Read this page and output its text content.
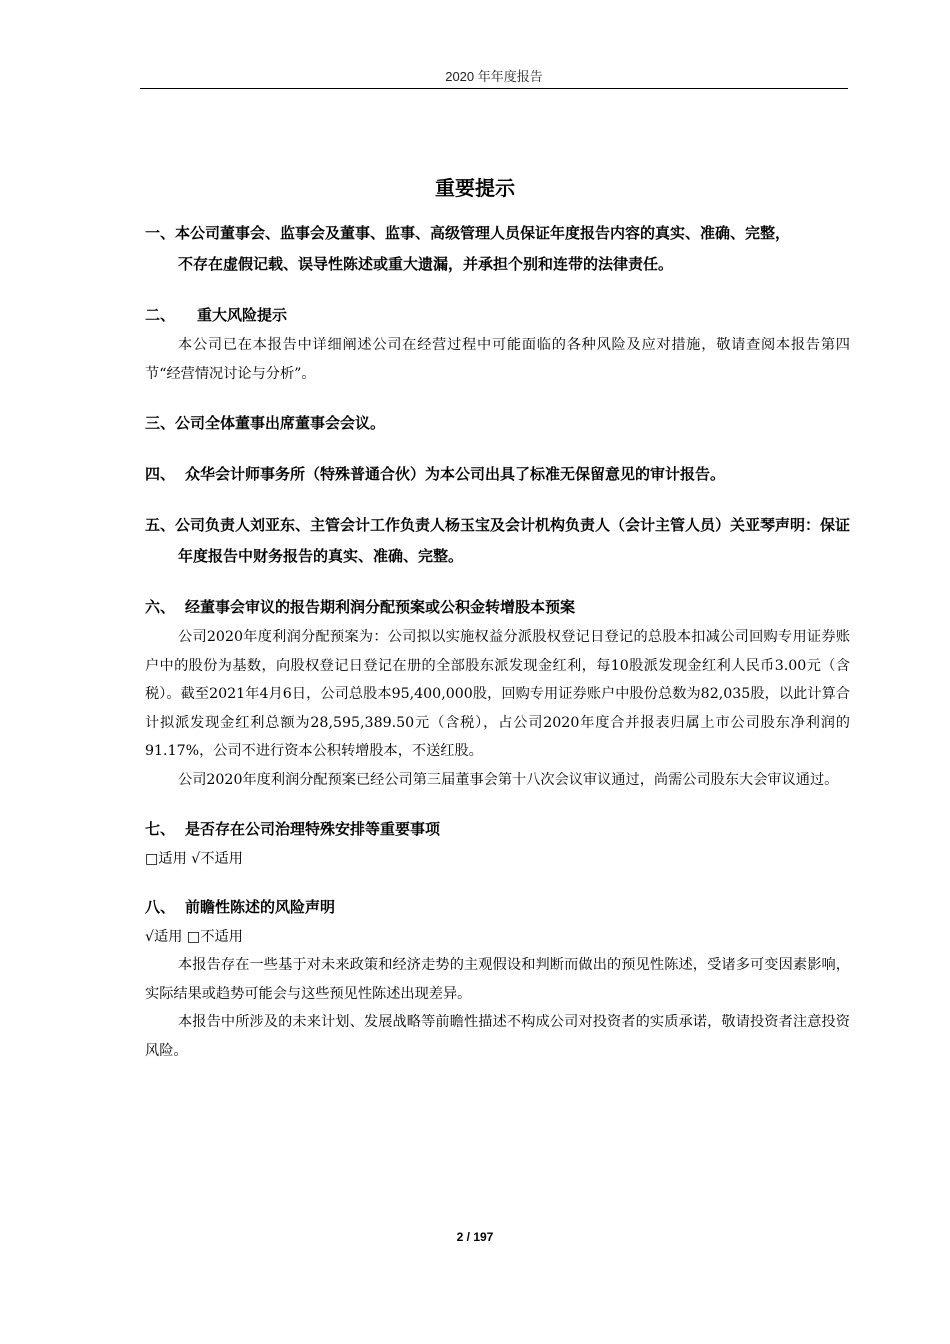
2020 年年度报告
重要提示
一、本公司董事会、监事会及董事、监事、高级管理人员保证年度报告内容的真实、准确、完整，
不存在虚假记载、误导性陈述或重大遗漏，并承担个别和连带的法律责任。
二、 重大风险提示
本公司已在本报告中详细阐述公司在经营过程中可能面临的各种风险及应对措施，敬请查阅本报告第四节“经营情况讨论与分析”。
三、公司全体董事出席董事会会议。
四、 众华会计师事务所（特殊普通合伙）为本公司出具了标准无保留意见的审计报告。
五、公司负责人刘亚东、主管会计工作负责人杨玉宝及会计机构负责人（会计主管人员）关亚琴声明：保证年度报告中财务报告的真实、准确、完整。
六、 经董事会审议的报告期利润分配预案或公积金转增股本预案
公司2020年度利润分配预案为：公司拟以实施权益分派股权登记日登记的总股本扣减公司回购专用证券账户中的股份为基数，向股权登记日登记在册的全部股东派发现金红利，每10股派发现金红利人民币3.00元（含税）。截至2021年4月6日，公司总股本95,400,000股，回购专用证券账户中股份总数为82,035股，以此计算合计拟派发现金红利总额为28,595,389.50元（含税），占公司2020年度合并报表归属上市公司股东净利润的91.17%，公司不进行资本公积转增股本，不送红股。
公司2020年度利润分配预案已经公司第三届董事会第十八次会议审议通过，尚需公司股东大会审议通过。
七、 是否存在公司治理特殊安排等重要事项
□适用 √不适用
八、 前瞻性陈述的风险声明
√适用 □不适用
本报告存在一些基于对未来政策和经济走势的主观假设和判断而做出的预见性陈述，受诸多可变因素影响，实际结果或趋势可能会与这些预见性陈述出现差异。
本报告中所涉及的未来计划、发展战略等前瞻性描述不构成公司对投资者的实质承诺，敬请投资者注意投资风险。
2 / 197
